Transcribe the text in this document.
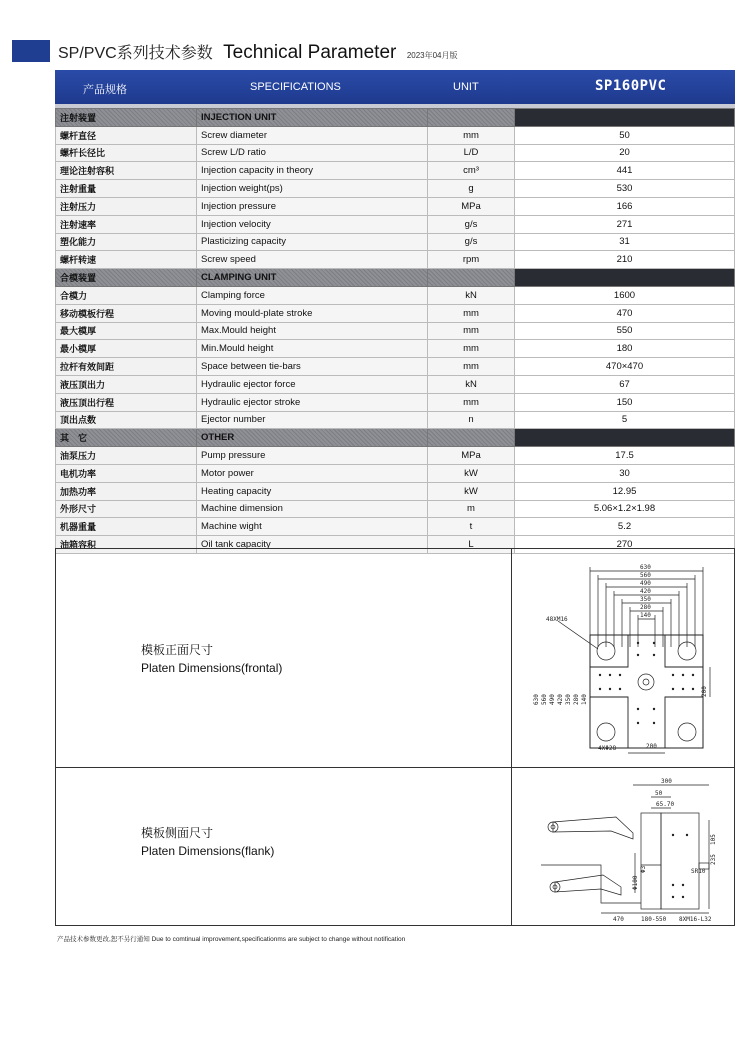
SP/PVC系列技术参数 Technical Parameter 2023年04月版
产品规格	SPECIFICATIONS	UNIT	SP160PVC
注射装置	INJECTION UNIT		
螺杆直径	Screw diameter	mm	50
螺杆长径比	Screw L/D ratio	L/D	20
理论注射容积	Injection capacity in theory	cm³	441
注射重量	Injection weight(ps)	g	530
注射压力	Injection pressure	MPa	166
注射速率	Injection velocity	g/s	271
塑化能力	Plasticizing capacity	g/s	31
螺杆转速	Screw speed	rpm	210
合模装置	CLAMPING UNIT		
合模力	Clamping force	kN	1600
移动模板行程	Moving mould-plate stroke	mm	470
最大模厚	Max.Mould height	mm	550
最小模厚	Min.Mould height	mm	180
拉杆有效间距	Space between tie-bars	mm	470×470
液压顶出力	Hydraulic ejector force	kN	67
液压顶出行程	Hydraulic ejector stroke	mm	150
顶出点数	Ejector number	n	5
其　它	OTHER		
油泵压力	Pump pressure	MPa	17.5
电机功率	Motor power	kW	30
加热功率	Heating capacity	kW	12.95
外形尺寸	Machine dimension	m	5.06×1.2×1.98
机器重量	Machine wight	t	5.2
油箱容积	Oil tank capacity	L	270
模板正面尺寸
Platen Dimensions(frontal)
模板侧面尺寸
Platen Dimensions(flank)
630
560
490
420
350
280
140
48XM16
4XΦ28	200
200
630 560 490 420 350 280 140
300
50
65.70
235
105
Φ100
Φ3	SR10
470	180-550 8XM16-L32
产品技术参数更改,恕不另行通知 Due to comtinual improvement,specificationms are subject to change without notification
